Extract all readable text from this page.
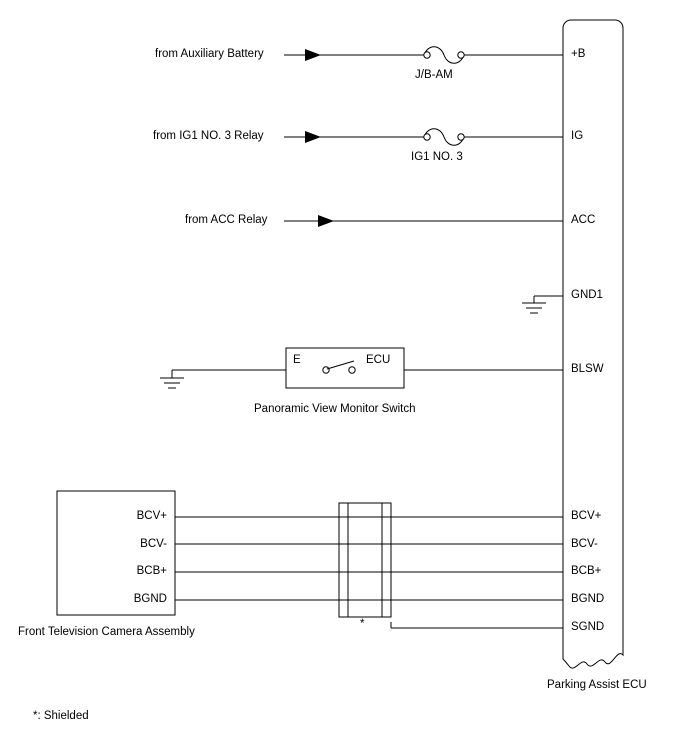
from Auxiliary Battery
J/B-AM
from IG1 NO. 3 Relay
IG1 NO. 3
from ACC Relay
E	ECU
Panoramic View Monitor Switch
BCV+
BCV-
BCB+
BGND
Front Television Camera Assembly
*
+B
IG
ACC
GND1
BLSW
BCV+
BCV-
BCB+
BGND
SGND
Parking Assist ECU
*: Shielded
